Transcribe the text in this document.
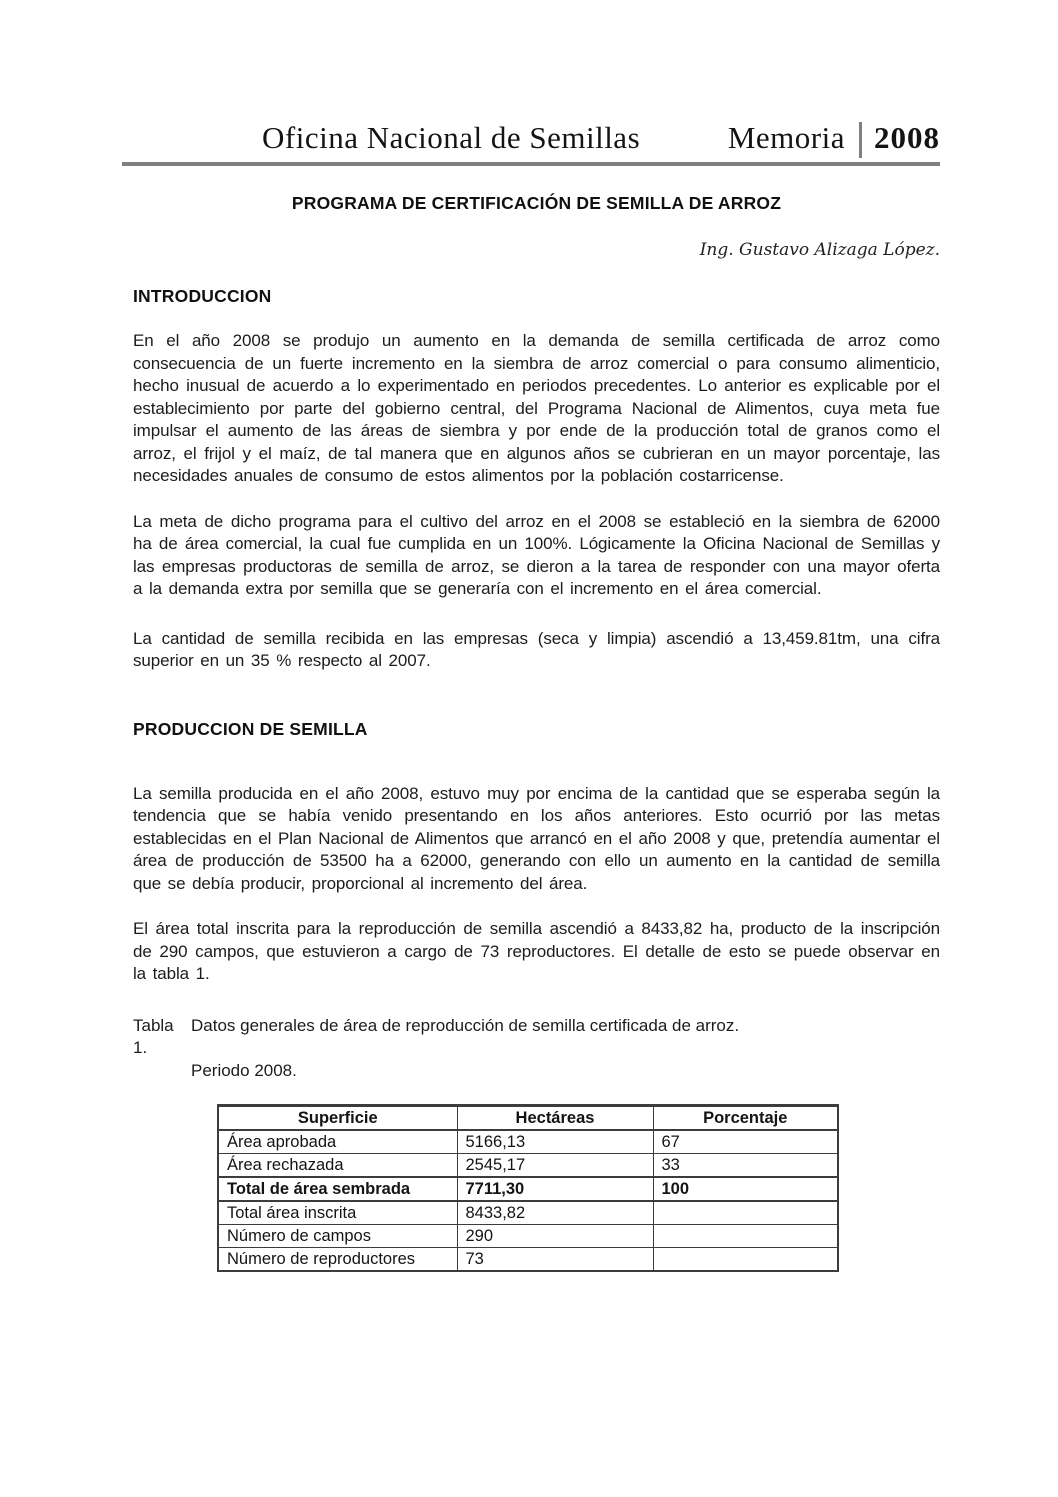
Oficina Nacional de Semillas	Memoria 2008
PROGRAMA DE CERTIFICACIÓN DE SEMILLA DE ARROZ
Ing. Gustavo Alizaga López.
INTRODUCCION

En el año 2008 se produjo un aumento en la demanda de semilla certificada de arroz como consecuencia de un fuerte incremento en la siembra de arroz comercial o para consumo alimenticio, hecho inusual de acuerdo a lo experimentado en periodos precedentes. Lo anterior es explicable por el establecimiento por parte del gobierno central, del Programa Nacional de Alimentos, cuya meta fue impulsar el aumento de las áreas de siembra y por ende de la producción total de granos como el arroz, el frijol y el maíz, de tal manera que en algunos años se cubrieran en un mayor porcentaje, las necesidades anuales de consumo de estos alimentos por la población costarricense.

La meta de dicho programa para el cultivo del arroz en el 2008 se estableció en la siembra de 62000 ha de área comercial, la cual fue cumplida en un 100%. Lógicamente la Oficina Nacional de Semillas y las empresas productoras de semilla de arroz, se dieron a la tarea de responder con una mayor oferta a la demanda extra por semilla que se generaría con el incremento en el área comercial.

La cantidad de semilla recibida en las empresas (seca y limpia) ascendió a 13,459.81tm, una cifra superior en un 35 % respecto al 2007.

PRODUCCION DE SEMILLA

La semilla producida en el año 2008, estuvo muy por encima de la cantidad que se esperaba según la tendencia que se había venido presentando en los años anteriores. Esto ocurrió por las metas establecidas en el Plan Nacional de Alimentos que arrancó en el año 2008 y que, pretendía aumentar el área de producción de 53500 ha a 62000, generando con ello un aumento en la cantidad de semilla que se debía producir, proporcional al incremento del área.

El área total inscrita para la reproducción de semilla ascendió a 8433,82 ha, producto de la inscripción de 290 campos, que estuvieron a cargo de 73 reproductores. El detalle de esto se puede observar en la tabla 1.

Tabla 1.
Datos generales de área de reproducción de semilla certificada de arroz.
Periodo 2008.
Superficie	Hectáreas	Porcentaje
Área aprobada	5166,13	67
Área rechazada	2545,17	33
Total de área sembrada	7711,30	100
Total área inscrita	8433,82	
Número de campos	290	
Número de reproductores	73	
